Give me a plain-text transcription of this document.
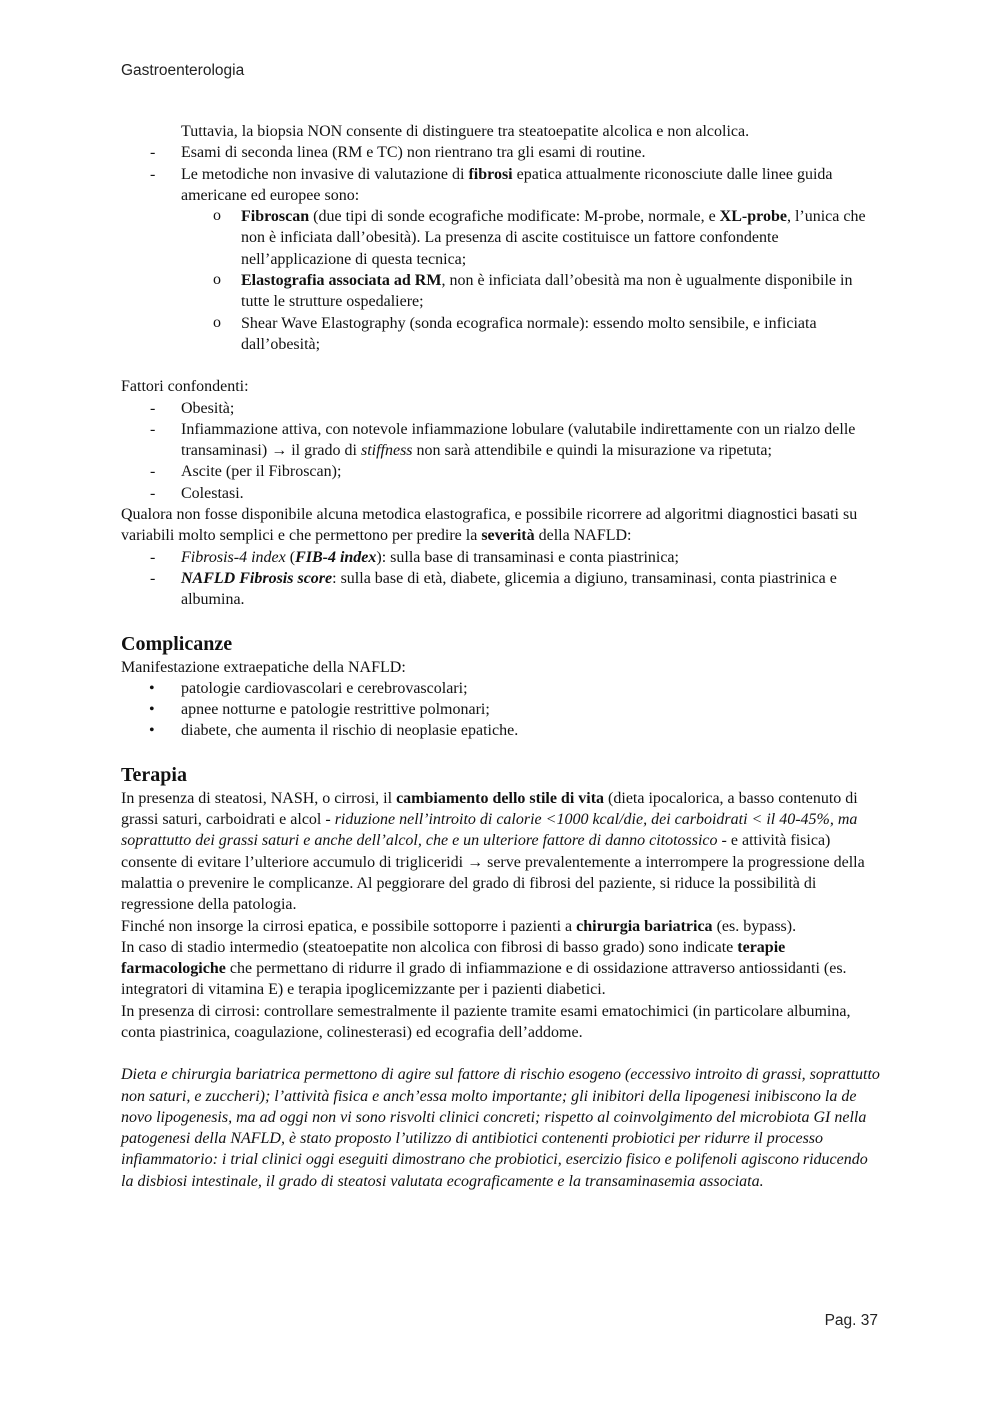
Gastroenterologia

Tuttavia, la biopsia NON consente di distinguere tra steatoepatite alcolica e non alcolica.

- Esami di seconda linea (RM e TC) non rientrano tra gli esami di routine.
- Le metodiche non invasive di valutazione di fibrosi epatica attualmente riconosciute dalle linee guida americane ed europee sono:
o Fibroscan (due tipi di sonde ecografiche modificate: M-probe, normale, e XL-probe, l’unica che non è inficiata dall’obesità). La presenza di ascite costituisce un fattore confondente nell’applicazione di questa tecnica;
o Elastografia associata ad RM, non è inficiata dall’obesità ma non è ugualmente disponibile in tutte le strutture ospedaliere;
o Shear Wave Elastography (sonda ecografica normale): essendo molto sensibile, e inficiata dall’obesità;

Fattori confondenti:

- Obesità;
- Infiammazione attiva, con notevole infiammazione lobulare (valutabile indirettamente con un rialzo delle transaminasi) → il grado di stiffness non sarà attendibile e quindi la misurazione va ripetuta;
- Ascite (per il Fibroscan);
- Colestasi.

Qualora non fosse disponibile alcuna metodica elastografica, e possibile ricorrere ad algoritmi diagnostici basati su variabili molto semplici e che permettono per predire la severità della NAFLD:

- Fibrosis-4 index (FIB-4 index): sulla base di transaminasi e conta piastrinica;
- NAFLD Fibrosis score: sulla base di età, diabete, glicemia a digiuno, transaminasi, conta piastrinica e albumina.
Complicanze

Manifestazione extraepatiche della NAFLD:

• patologie cardiovascolari e cerebrovascolari;
• apnee notturne e patologie restrittive polmonari;
• diabete, che aumenta il rischio di neoplasie epatiche.
Terapia

In presenza di steatosi, NASH, o cirrosi, il cambiamento dello stile di vita (dieta ipocalorica, a basso contenuto di grassi saturi, carboidrati e alcol - riduzione nell’introito di calorie <1000 kcal/die, dei carboidrati < il 40-45%, ma soprattutto dei grassi saturi e anche dell’alcol, che e un ulteriore fattore di danno citotossico - e attività fisica) consente di evitare l’ulteriore accumulo di trigliceridi → serve prevalentemente a interrompere la progressione della malattia o prevenire le complicanze. Al peggiorare del grado di fibrosi del paziente, si riduce la possibilità di regressione della patologia.

Finché non insorge la cirrosi epatica, e possibile sottoporre i pazienti a chirurgia bariatrica (es. bypass).

In caso di stadio intermedio (steatoepatite non alcolica con fibrosi di basso grado) sono indicate terapie farmacologiche che permettano di ridurre il grado di infiammazione e di ossidazione attraverso antiossidanti (es. integratori di vitamina E) e terapia ipoglicemizzante per i pazienti diabetici.

In presenza di cirrosi: controllare semestralmente il paziente tramite esami ematochimici (in particolare albumina, conta piastrinica, coagulazione, colinesterasi) ed ecografia dell’addome.

Dieta e chirurgia bariatrica permettono di agire sul fattore di rischio esogeno (eccessivo introito di grassi, soprattutto non saturi, e zuccheri); l’attività fisica e anch’essa molto importante; gli inibitori della lipogenesi inibiscono la de novo lipogenesis, ma ad oggi non vi sono risvolti clinici concreti; rispetto al coinvolgimento del microbiota GI nella patogenesi della NAFLD, è stato proposto l’utilizzo di antibiotici contenenti probiotici per ridurre il processo infiammatorio: i trial clinici oggi eseguiti dimostrano che probiotici, esercizio fisico e polifenoli agiscono riducendo la disbiosi intestinale, il grado di steatosi valutata ecograficamente e la transaminasemia associata.

Pag. 37
